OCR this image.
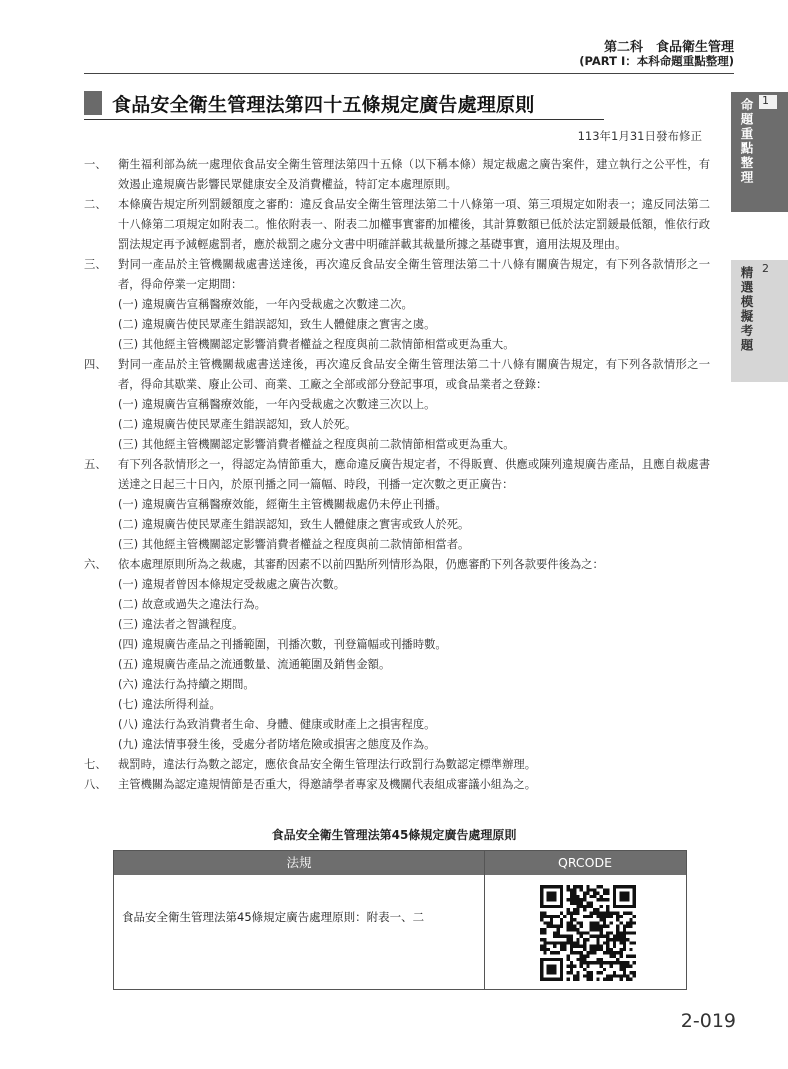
第二科　食品衛生管理
(PART I：本科命題重點整理)
食品安全衛生管理法第四十五條規定廣告處理原則
113年1月31日發布修正
1
命題重點整理
2
精選模擬考題
一、	衛生福利部為統一處理依食品安全衛生管理法第四十五條（以下稱本條）規定裁處之廣告案件，建立執行之公平性，有效遏止違規廣告影響民眾健康安全及消費權益，特訂定本處理原則。
二、	本條廣告規定所列罰鍰額度之審酌：違反食品安全衛生管理法第二十八條第一項、第三項規定如附表一；違反同法第二十八條第二項規定如附表二。惟依附表一、附表二加權事實審酌加權後，其計算數額已低於法定罰鍰最低額，惟依行政罰法規定再予減輕處罰者，應於裁罰之處分文書中明確詳載其裁量所據之基礎事實，適用法規及理由。
三、	對同一產品於主管機關裁處書送達後，再次違反食品安全衛生管理法第二十八條有關廣告規定，有下列各款情形之一者，得命停業一定期間：
(一) 違規廣告宣稱醫療效能，一年內受裁處之次數達二次。
(二) 違規廣告使民眾產生錯誤認知，致生人體健康之實害之虞。
(三) 其他經主管機關認定影響消費者權益之程度與前二款情節相當或更為重大。
四、	對同一產品於主管機關裁處書送達後，再次違反食品安全衛生管理法第二十八條有關廣告規定，有下列各款情形之一者，得命其歇業、廢止公司、商業、工廠之全部或部分登記事項，或食品業者之登錄：
(一) 違規廣告宣稱醫療效能，一年內受裁處之次數達三次以上。
(二) 違規廣告使民眾產生錯誤認知，致人於死。
(三) 其他經主管機關認定影響消費者權益之程度與前二款情節相當或更為重大。
五、	有下列各款情形之一，得認定為情節重大，應命違反廣告規定者，不得販賣、供應或陳列違規廣告產品，且應自裁處書送達之日起三十日內，於原刊播之同一篇幅、時段，刊播一定次數之更正廣告：
(一) 違規廣告宣稱醫療效能，經衛生主管機關裁處仍未停止刊播。
(二) 違規廣告使民眾產生錯誤認知，致生人體健康之實害或致人於死。
(三) 其他經主管機關認定影響消費者權益之程度與前二款情節相當者。
六、	依本處理原則所為之裁處，其審酌因素不以前四點所列情形為限，仍應審酌下列各款要件後為之：
(一) 違規者曾因本條規定受裁處之廣告次數。
(二) 故意或過失之違法行為。
(三) 違法者之智識程度。
(四) 違規廣告產品之刊播範圍，刊播次數，刊登篇幅或刊播時數。
(五) 違規廣告產品之流通數量、流通範圍及銷售金額。
(六) 違法行為持續之期間。
(七) 違法所得利益。
(八) 違法行為致消費者生命、身體、健康或財產上之損害程度。
(九) 違法情事發生後，受處分者防堵危險或損害之態度及作為。
七、	裁罰時，違法行為數之認定，應依食品安全衛生管理法行政罰行為數認定標準辦理。
八、	主管機關為認定違規情節是否重大，得邀請學者專家及機關代表組成審議小組為之。
食品安全衛生管理法第45條規定廣告處理原則
法規	QRCODE
食品安全衛生管理法第45條規定廣告處理原則：附表一、二
2-019
